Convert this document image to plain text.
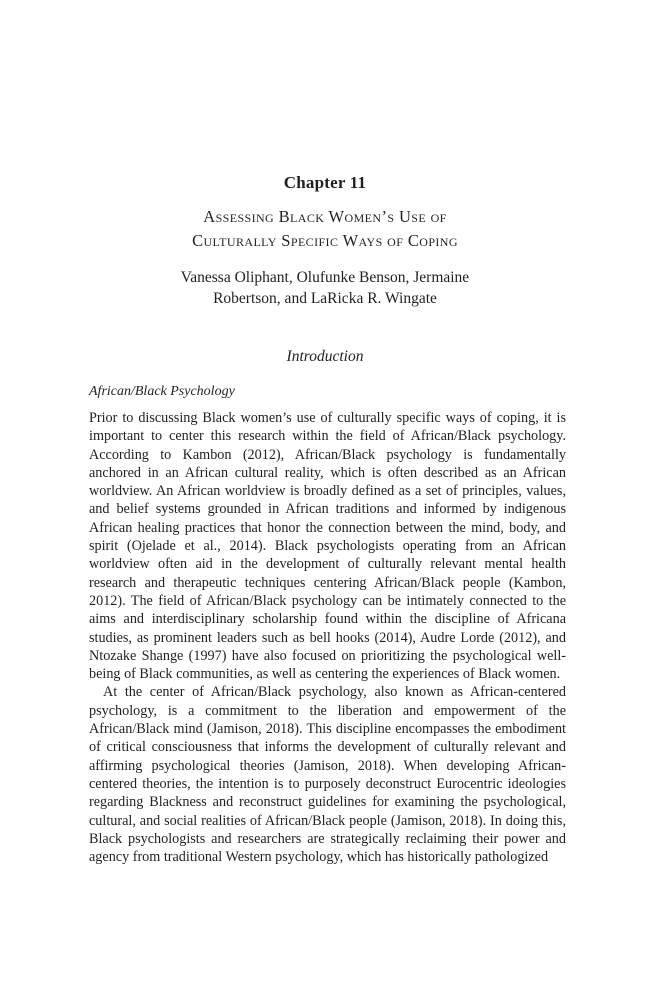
Chapter 11
Assessing Black Women’s Use of
Culturally Specific Ways of Coping
Vanessa Oliphant, Olufunke Benson, Jermaine
Robertson, and LaRicka R. Wingate
Introduction
African/Black Psychology

Prior to discussing Black women’s use of culturally specific ways of coping, it is important to center this research within the field of African/Black psychology. According to Kambon (2012), African/Black psychology is fundamentally anchored in an African cultural reality, which is often described as an African worldview. An African worldview is broadly defined as a set of principles, values, and belief systems grounded in African traditions and informed by indigenous African healing practices that honor the connection between the mind, body, and spirit (Ojelade et al., 2014). Black psychologists operating from an African worldview often aid in the development of culturally relevant mental health research and therapeutic techniques centering African/Black people (Kambon, 2012). The field of African/Black psychology can be intimately connected to the aims and interdisciplinary scholarship found within the discipline of Africana studies, as prominent leaders such as bell hooks (2014), Audre Lorde (2012), and Ntozake Shange (1997) have also focused on prioritizing the psychological well-being of Black communities, as well as centering the experiences of Black women.

At the center of African/Black psychology, also known as African-centered psychology, is a commitment to the liberation and empowerment of the African/Black mind (Jamison, 2018). This discipline encompasses the embodiment of critical consciousness that informs the development of culturally relevant and affirming psychological theories (Jamison, 2018). When developing African-centered theories, the intention is to purposely deconstruct Eurocentric ideologies regarding Blackness and reconstruct guidelines for examining the psychological, cultural, and social realities of African/Black people (Jamison, 2018). In doing this, Black psychologists and researchers are strategically reclaiming their power and agency from traditional Western psychology, which has historically pathologized
